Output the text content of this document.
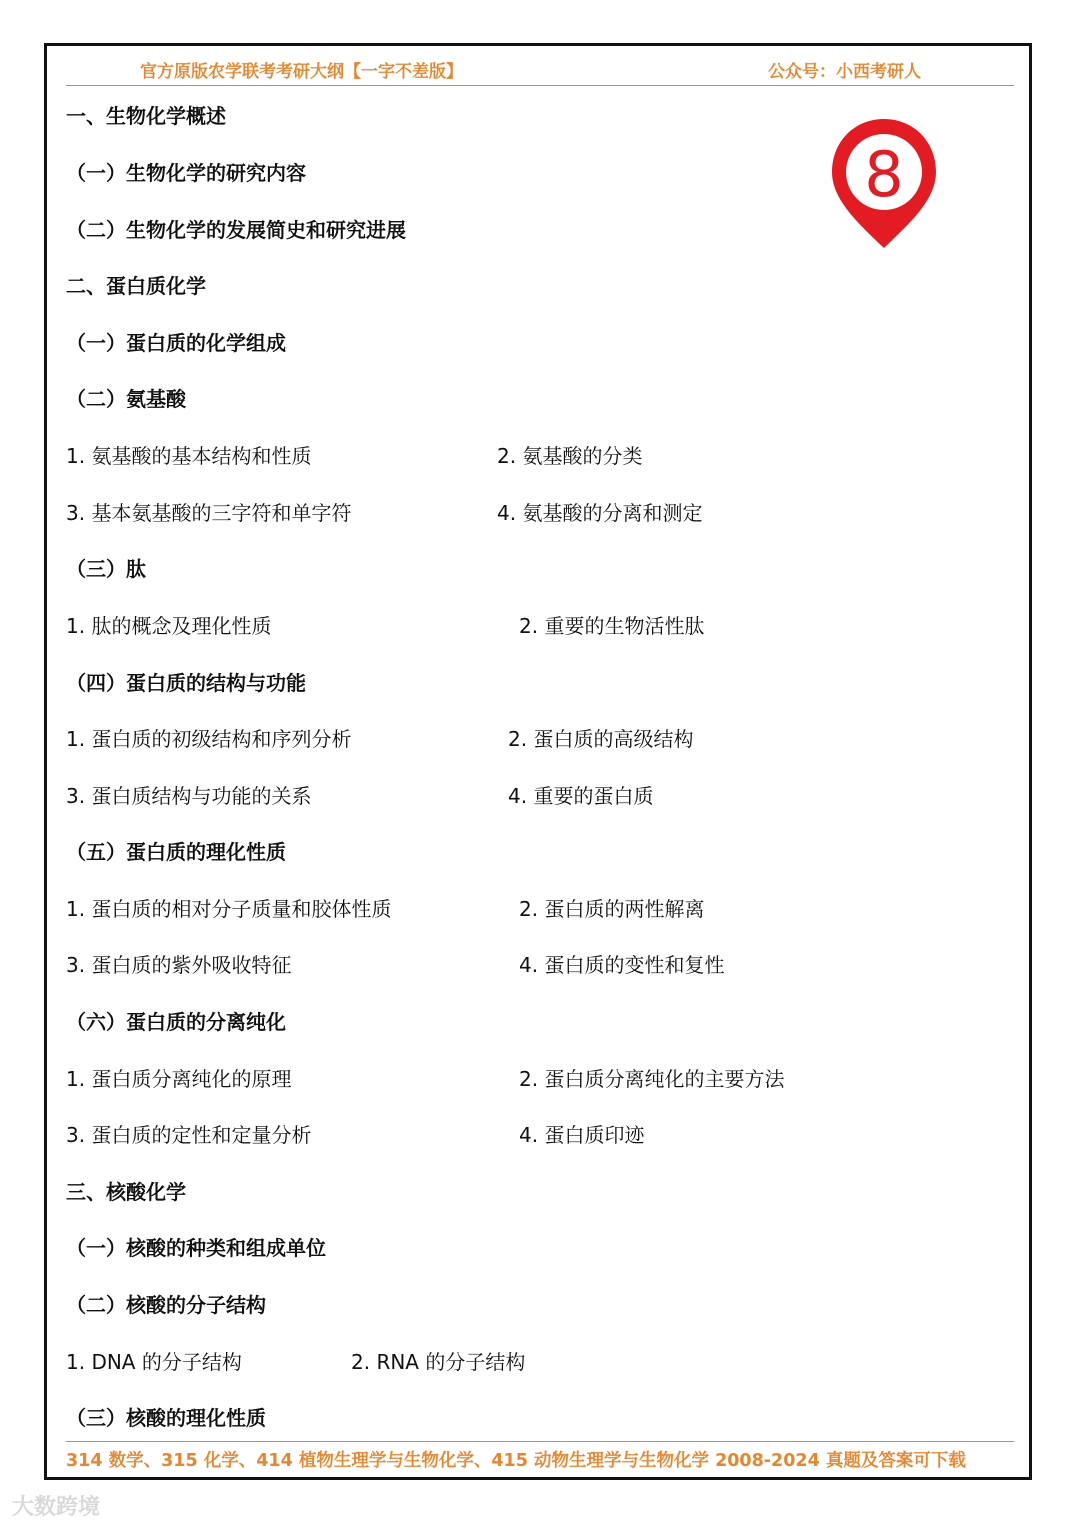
官方原版农学联考考研大纲【一字不差版】	公众号：小西考研人
8
一、生物化学概述
（一）生物化学的研究内容
（二）生物化学的发展简史和研究进展
二、蛋白质化学
（一）蛋白质的化学组成
（二）氨基酸
1. 氨基酸的基本结构和性质	2. 氨基酸的分类
3. 基本氨基酸的三字符和单字符	4. 氨基酸的分离和测定
（三）肽
1. 肽的概念及理化性质	2. 重要的生物活性肽
（四）蛋白质的结构与功能
1. 蛋白质的初级结构和序列分析	2. 蛋白质的高级结构
3. 蛋白质结构与功能的关系	4. 重要的蛋白质
（五）蛋白质的理化性质
1. 蛋白质的相对分子质量和胶体性质	2. 蛋白质的两性解离
3. 蛋白质的紫外吸收特征	4. 蛋白质的变性和复性
（六）蛋白质的分离纯化
1. 蛋白质分离纯化的原理	2. 蛋白质分离纯化的主要方法
3. 蛋白质的定性和定量分析	4. 蛋白质印迹
三、核酸化学
（一）核酸的种类和组成单位
（二）核酸的分子结构
1. DNA 的分子结构	2. RNA 的分子结构
（三）核酸的理化性质
314 数学、315 化学、414 植物生理学与生物化学、415 动物生理学与生物化学 2008-2024 真题及答案可下载
大数跨境
